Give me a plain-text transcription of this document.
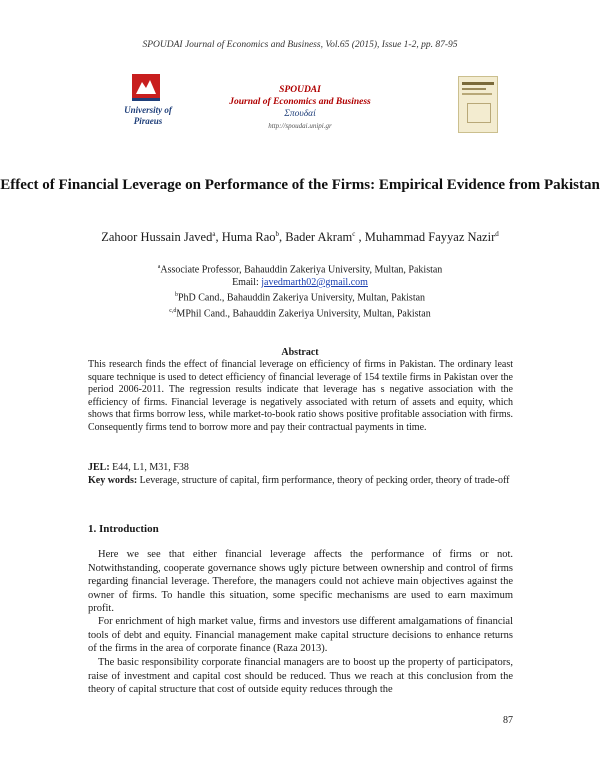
SPOUDAI Journal of Economics and Business, Vol.65 (2015), Issue 1-2, pp. 87-95
University of Piraeus
SPOUDAI
Journal of Economics and Business
Σπουδαί
http://spoudai.unipi.gr
Effect of Financial Leverage on Performance of the Firms: Empirical Evidence from Pakistan
Zahoor Hussain Javed$^a$, Huma Rao$^b$, Bader Akram$^c$ , Muhammad Fayyaz Nazir$^d$
$^a$Associate Professor, Bahauddin Zakeriya University, Multan, Pakistan
Email: javedmarth02@gmail.com
$^b$PhD Cand., Bahauddin Zakeriya University, Multan, Pakistan
$^{c,d}$MPhil Cand., Bahauddin Zakeriya University, Multan, Pakistan
Abstract
This research finds the effect of financial leverage on efficiency of firms in Pakistan. The ordinary least square technique is used to detect efficiency of financial leverage of 154 textile firms in Pakistan over the period 2006-2011. The regression results indicate that leverage has s negative association with the efficiency of firms. Financial leverage is negatively associated with return of assets and equity, which shows that firms borrow less, while market-to-book ratio shows positive profitable association with firms. Consequently firms tend to borrow more and pay their contractual payments in time.
JEL: E44, L1, M31, F38
Key words: Leverage, structure of capital, firm performance, theory of pecking order, theory of trade-off
1. Introduction
Here we see that either financial leverage affects the performance of firms or not. Notwithstanding, cooperate governance shows ugly picture between ownership and control of firms regarding financial leverage. Therefore, the managers could not achieve main objectives against the owner of firms. To handle this situation, some specific mechanisms are used to earn maximum profit.
For enrichment of high market value, firms and investors use different amalgamations of financial tools of debt and equity. Financial management make capital structure decisions to enhance returns of the firms in the area of corporate finance (Raza 2013).
The basic responsibility corporate financial managers are to boost up the property of participators, raise of investment and capital cost should be reduced. Thus we reach at this conclusion from the theory of capital structure that cost of outside equity reduces through the
87
